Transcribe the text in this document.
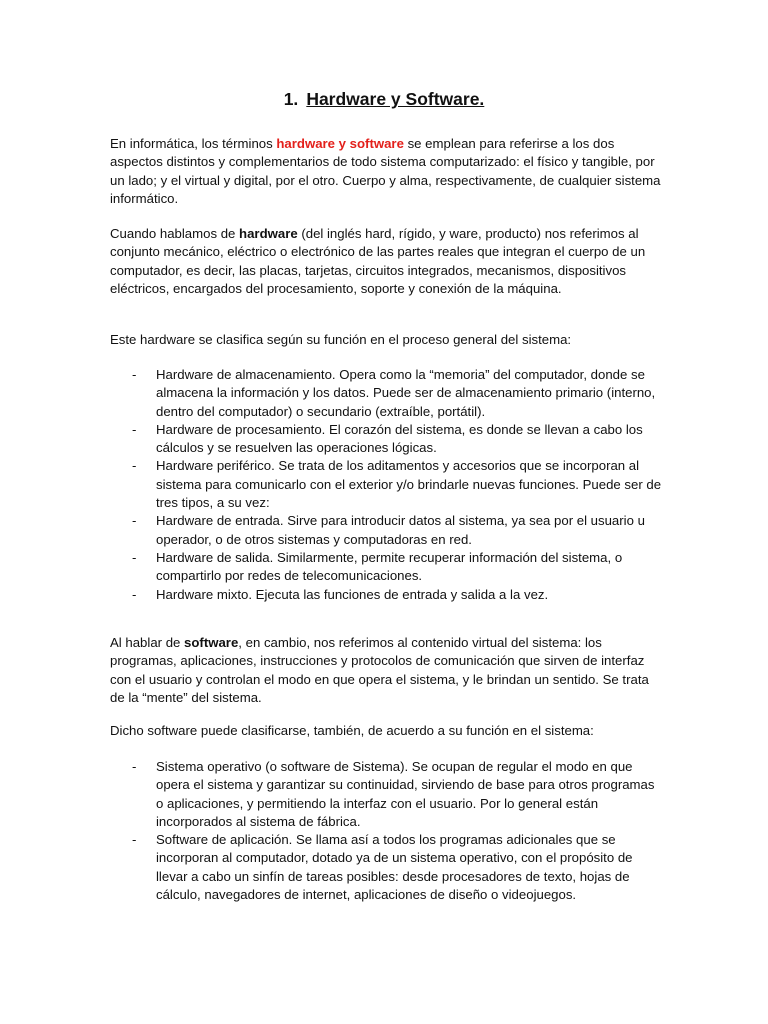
1. Hardware y Software.

En informática, los términos hardware y software se emplean para referirse a los dos aspectos distintos y complementarios de todo sistema computarizado: el físico y tangible, por un lado; y el virtual y digital, por el otro. Cuerpo y alma, respectivamente, de cualquier sistema informático.

Cuando hablamos de hardware (del inglés hard, rígido, y ware, producto) nos referimos al conjunto mecánico, eléctrico o electrónico de las partes reales que integran el cuerpo de un computador, es decir, las placas, tarjetas, circuitos integrados, mecanismos, dispositivos eléctricos, encargados del procesamiento, soporte y conexión de la máquina.

Este hardware se clasifica según su función en el proceso general del sistema:

- Hardware de almacenamiento. Opera como la “memoria” del computador, donde se almacena la información y los datos. Puede ser de almacenamiento primario (interno, dentro del computador) o secundario (extraíble, portátil).
- Hardware de procesamiento. El corazón del sistema, es donde se llevan a cabo los cálculos y se resuelven las operaciones lógicas.
- Hardware periférico. Se trata de los aditamentos y accesorios que se incorporan al sistema para comunicarlo con el exterior y/o brindarle nuevas funciones. Puede ser de tres tipos, a su vez:
- Hardware de entrada. Sirve para introducir datos al sistema, ya sea por el usuario u operador, o de otros sistemas y computadoras en red.
- Hardware de salida. Similarmente, permite recuperar información del sistema, o compartirlo por redes de telecomunicaciones.
- Hardware mixto. Ejecuta las funciones de entrada y salida a la vez.

Al hablar de software, en cambio, nos referimos al contenido virtual del sistema: los programas, aplicaciones, instrucciones y protocolos de comunicación que sirven de interfaz con el usuario y controlan el modo en que opera el sistema, y le brindan un sentido. Se trata de la “mente” del sistema.

Dicho software puede clasificarse, también, de acuerdo a su función en el sistema:

- Sistema operativo (o software de Sistema). Se ocupan de regular el modo en que opera el sistema y garantizar su continuidad, sirviendo de base para otros programas o aplicaciones, y permitiendo la interfaz con el usuario. Por lo general están incorporados al sistema de fábrica.
- Software de aplicación. Se llama así a todos los programas adicionales que se incorporan al computador, dotado ya de un sistema operativo, con el propósito de llevar a cabo un sinfín de tareas posibles: desde procesadores de texto, hojas de cálculo, navegadores de internet, aplicaciones de diseño o videojuegos.
